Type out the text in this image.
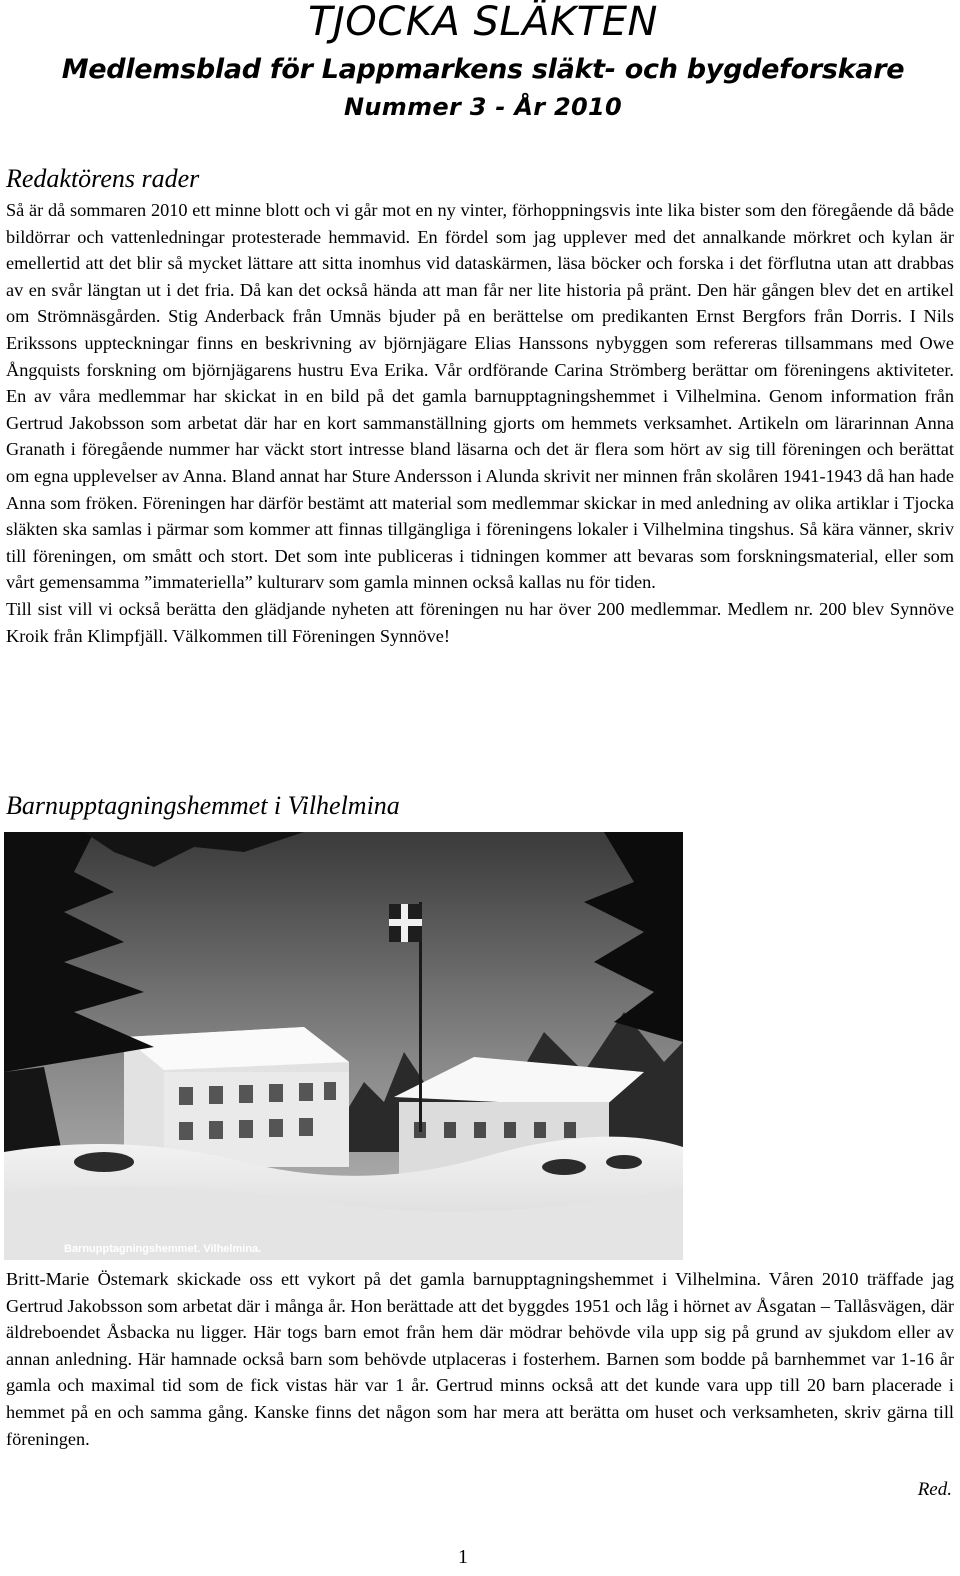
TJOCKA SLÄKTEN
Medlemsblad för Lappmarkens släkt- och bygdeforskare
Nummer 3 - År 2010
Redaktörens rader

Så är då sommaren 2010 ett minne blott och vi går mot en ny vinter, förhoppningsvis inte lika bister som den föregående då både bildörrar och vattenledningar protesterade hemmavid. En fördel som jag upplever med det annalkande mörkret och kylan är emellertid att det blir så mycket lättare att sitta inomhus vid dataskärmen, läsa böcker och forska i det förflutna utan att drabbas av en svår längtan ut i det fria. Då kan det också hända att man får ner lite historia på pränt. Den här gången blev det en artikel om Strömnäsgården. Stig Anderback från Umnäs bjuder på en berättelse om predikanten Ernst Bergfors från Dorris. I Nils Erikssons uppteckningar finns en beskrivning av björnjägare Elias Hanssons nybyggen som refereras tillsammans med Owe Ångquists forskning om björnjägarens hustru Eva Erika. Vår ordförande Carina Strömberg berättar om föreningens aktiviteter. En av våra medlemmar har skickat in en bild på det gamla barnupptagningshemmet i Vilhelmina. Genom information från Gertrud Jakobsson som arbetat där har en kort sammanställning gjorts om hemmets verksamhet. Artikeln om lärarinnan Anna Granath i föregående nummer har väckt stort intresse bland läsarna och det är flera som hört av sig till föreningen och berättat om egna upplevelser av Anna. Bland annat har Sture Andersson i Alunda skrivit ner minnen från skolåren 1941-1943 då han hade Anna som fröken. Föreningen har därför bestämt att material som medlemmar skickar in med anledning av olika artiklar i Tjocka släkten ska samlas i pärmar som kommer att finnas tillgängliga i föreningens lokaler i Vilhelmina tingshus. Så kära vänner, skriv till föreningen, om smått och stort. Det som inte publiceras i tidningen kommer att bevaras som forskningsmaterial, eller som vårt gemensamma ”immateriella” kulturarv som gamla minnen också kallas nu för tiden.

Till sist vill vi också berätta den glädjande nyheten att föreningen nu har över 200 medlemmar. Medlem nr. 200 blev Synnöve Kroik från Klimpfjäll. Välkommen till Föreningen Synnöve!

Barnupptagningshemmet i Vilhelmina
Barnupptagningshemmet. Vilhelmina.

Britt-Marie Östemark skickade oss ett vykort på det gamla barnupptagningshemmet i Vilhelmina. Våren 2010 träffade jag Gertrud Jakobsson som arbetat där i många år. Hon berättade att det byggdes 1951 och låg i hörnet av Åsgatan – Tallåsvägen, där äldreboendet Åsbacka nu ligger. Här togs barn emot från hem där mödrar behövde vila upp sig på grund av sjukdom eller av annan anledning. Här hamnade också barn som behövde utplaceras i fosterhem. Barnen som bodde på barnhemmet var 1-16 år gamla och maximal tid som de fick vistas här var 1 år. Gertrud minns också att det kunde vara upp till 20 barn placerade i hemmet på en och samma gång. Kanske finns det någon som har mera att berätta om huset och verksamheten, skriv gärna till föreningen.

Red.
1
